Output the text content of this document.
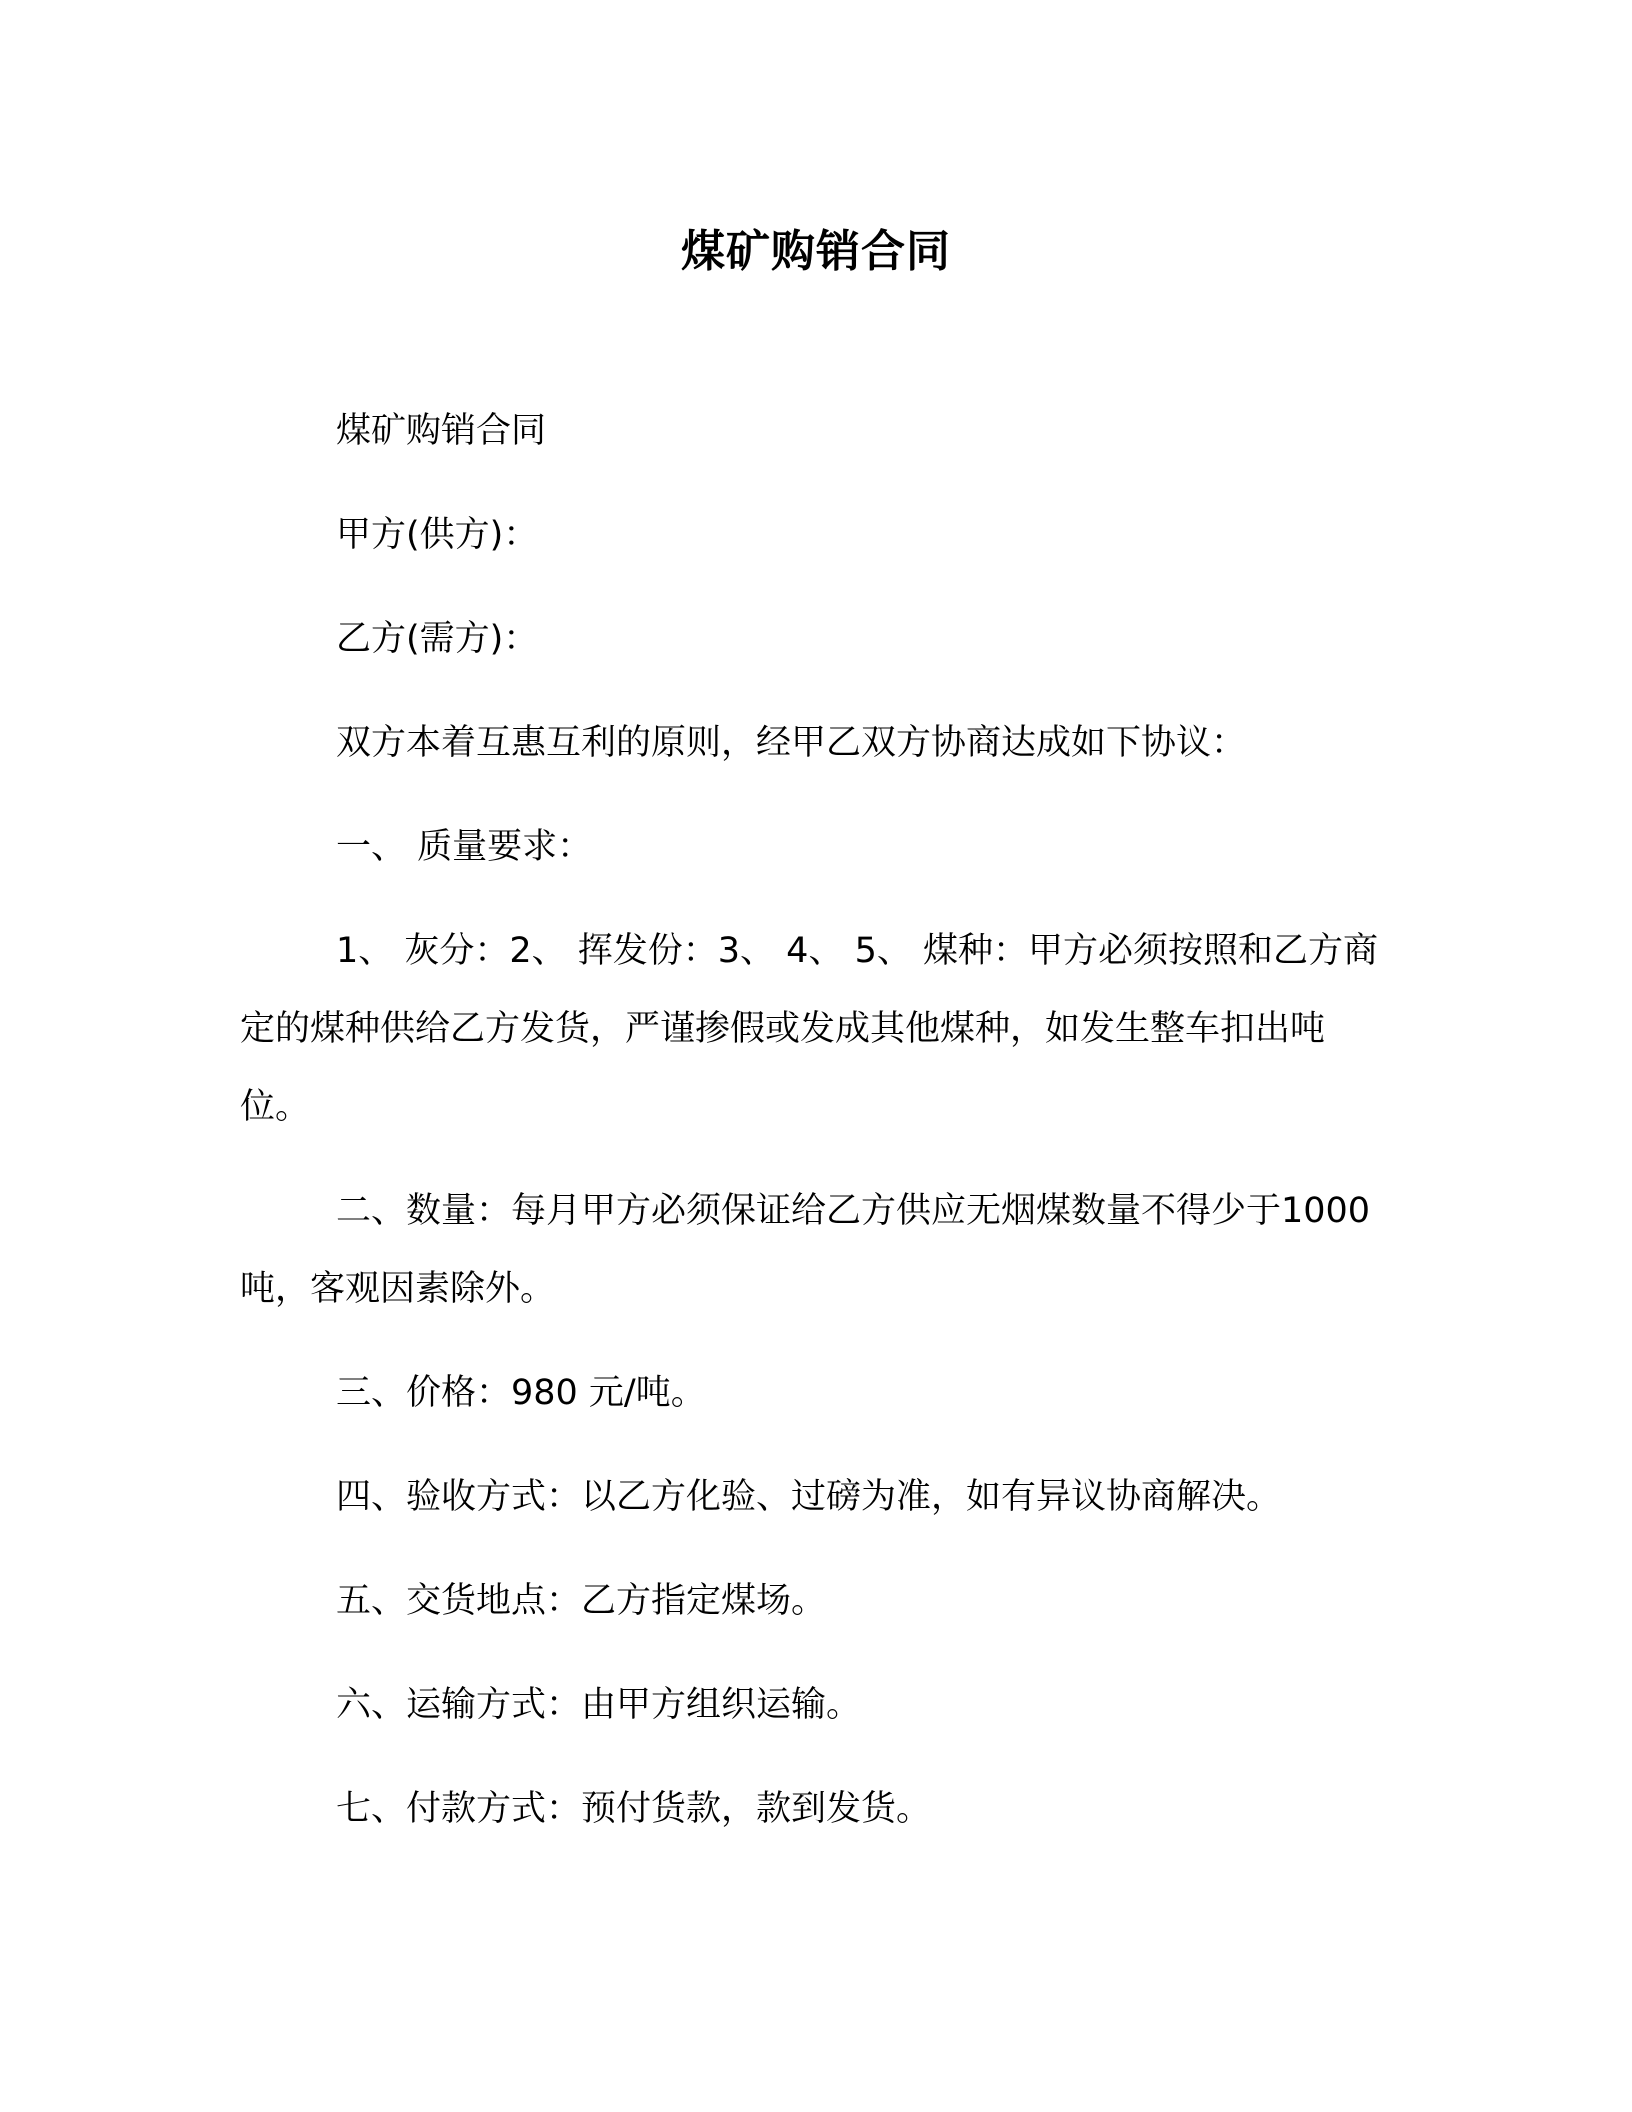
煤矿购销合同

煤矿购销合同

甲方(供方)：

乙方(需方)：

双方本着互惠互利的原则，经甲乙双方协商达成如下协议：

一、 质量要求：

1、 灰分：2、 挥发份：3、 4、 5、 煤种：甲方必须按照和乙方商定的煤种供给乙方发货，严谨掺假或发成其他煤种，如发生整车扣出吨位。

二、数量：每月甲方必须保证给乙方供应无烟煤数量不得少于1000 吨，客观因素除外。

三、价格：980 元/吨。

四、验收方式：以乙方化验、过磅为准，如有异议协商解决。

五、交货地点：乙方指定煤场。

六、运输方式：由甲方组织运输。

七、付款方式：预付货款，款到发货。
